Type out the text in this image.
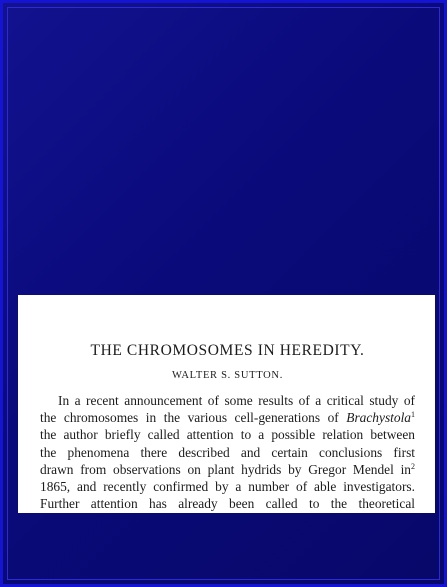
THE CHROMOSOMES IN HEREDITY.
WALTER S. SUTTON.
In a recent announcement of some results of a critical study of
the chromosomes in the various cell-generations of Brachystola$^1$
the author briefly called attention to a possible relation between
the phenomena there described and certain conclusions first
drawn from observations on plant hydrids by Gregor Mendel $in^2$
1865, and recently confirmed by a number of able investigators.
Further attention has already been called to the theoretical
